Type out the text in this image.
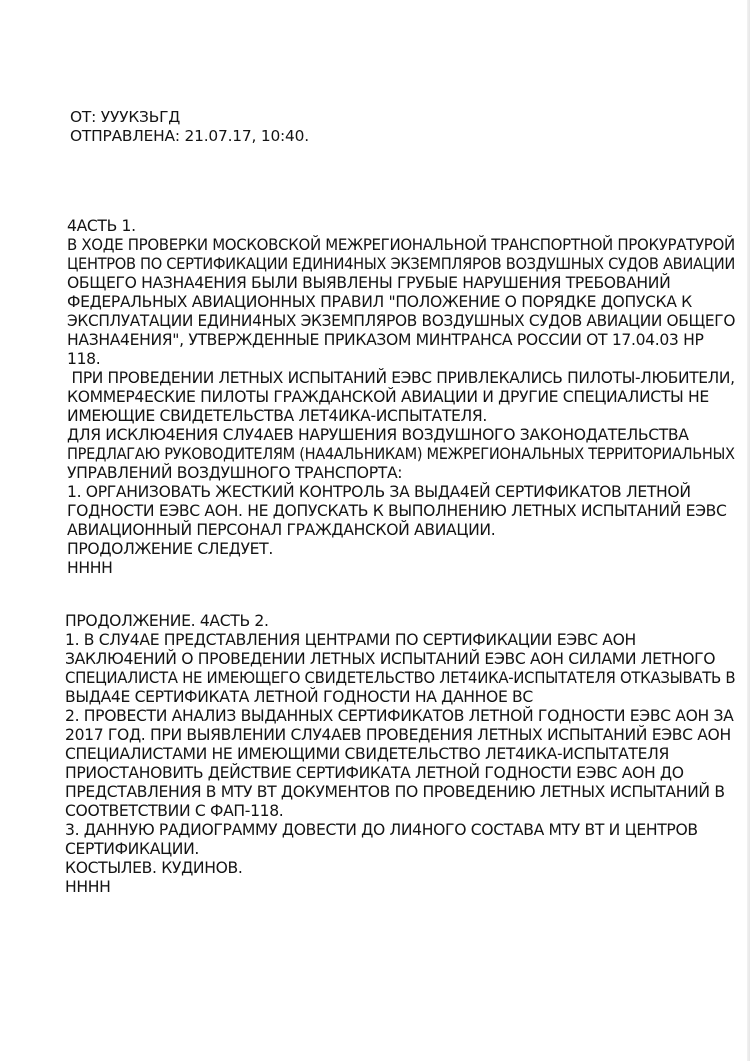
ОТ: УУУКЗЬГД
ОТПРАВЛЕНА: 21.07.17, 10:40.
4АСТЬ 1.
В ХОДЕ ПРОВЕРКИ МОСКОВСКОЙ МЕЖРЕГИОНАЛЬНОЙ ТРАНСПОРТНОЙ ПРОКУРАТУРОЙ
ЦЕНТРОВ ПО СЕРТИФИКАЦИИ ЕДИНИ4НЫХ ЭКЗЕМПЛЯРОВ ВОЗДУШНЫХ СУДОВ АВИАЦИИ
ОБЩЕГО НАЗНА4ЕНИЯ БЫЛИ ВЫЯВЛЕНЫ ГРУБЫЕ НАРУШЕНИЯ ТРЕБОВАНИЙ
ФЕДЕРАЛЬНЫХ АВИАЦИОННЫХ ПРАВИЛ "ПОЛОЖЕНИЕ О ПОРЯДКЕ ДОПУСКА К
ЭКСПЛУАТАЦИИ ЕДИНИ4НЫХ ЭКЗЕМПЛЯРОВ ВОЗДУШНЫХ СУДОВ АВИАЦИИ ОБЩЕГО
НАЗНА4ЕНИЯ", УТВЕРЖДЕННЫЕ ПРИКАЗОМ МИНТРАНСА РОССИИ ОТ 17.04.03 НР
118.
ПРИ ПРОВЕДЕНИИ ЛЕТНЫХ ИСПЫТАНИЙ ЕЭВС ПРИВЛЕКАЛИСЬ ПИЛОТЫ-ЛЮБИТЕЛИ,
КОММЕР4ЕСКИЕ ПИЛОТЫ ГРАЖДАНСКОЙ АВИАЦИИ И ДРУГИЕ СПЕЦИАЛИСТЫ НЕ
ИМЕЮЩИЕ СВИДЕТЕЛЬСТВА ЛЕТ4ИКА-ИСПЫТАТЕЛЯ.
ДЛЯ ИСКЛЮ4ЕНИЯ СЛУ4АЕВ НАРУШЕНИЯ ВОЗДУШНОГО ЗАКОНОДАТЕЛЬСТВА
ПРЕДЛАГАЮ РУКОВОДИТЕЛЯМ (НА4АЛЬНИКАМ) МЕЖРЕГИОНАЛЬНЫХ ТЕРРИТОРИАЛЬНЫХ
УПРАВЛЕНИЙ ВОЗДУШНОГО ТРАНСПОРТА:
1. ОРГАНИЗОВАТЬ ЖЕСТКИЙ КОНТРОЛЬ ЗА ВЫДА4ЕЙ СЕРТИФИКАТОВ ЛЕТНОЙ
ГОДНОСТИ ЕЭВС АОН. НЕ ДОПУСКАТЬ К ВЫПОЛНЕНИЮ ЛЕТНЫХ ИСПЫТАНИЙ ЕЭВС
АВИАЦИОННЫЙ ПЕРСОНАЛ ГРАЖДАНСКОЙ АВИАЦИИ.
ПРОДОЛЖЕНИЕ СЛЕДУЕТ.
НННН
ПРОДОЛЖЕНИЕ. 4АСТЬ 2.
1. В СЛУ4АЕ ПРЕДСТАВЛЕНИЯ ЦЕНТРАМИ ПО СЕРТИФИКАЦИИ ЕЭВС АОН
ЗАКЛЮ4ЕНИЙ О ПРОВЕДЕНИИ ЛЕТНЫХ ИСПЫТАНИЙ ЕЭВС АОН СИЛАМИ ЛЕТНОГО
СПЕЦИАЛИСТА НЕ ИМЕЮЩЕГО СВИДЕТЕЛЬСТВО ЛЕТ4ИКА-ИСПЫТАТЕЛЯ ОТКАЗЫВАТЬ В
ВЫДА4Е СЕРТИФИКАТА ЛЕТНОЙ ГОДНОСТИ НА ДАННОЕ ВС
2. ПРОВЕСТИ АНАЛИЗ ВЫДАННЫХ СЕРТИФИКАТОВ ЛЕТНОЙ ГОДНОСТИ ЕЭВС АОН ЗА
2017 ГОД. ПРИ ВЫЯВЛЕНИИ СЛУ4АЕВ ПРОВЕДЕНИЯ ЛЕТНЫХ ИСПЫТАНИЙ ЕЭВС АОН
СПЕЦИАЛИСТАМИ НЕ ИМЕЮЩИМИ СВИДЕТЕЛЬСТВО ЛЕТ4ИКА-ИСПЫТАТЕЛЯ
ПРИОСТАНОВИТЬ ДЕЙСТВИЕ СЕРТИФИКАТА ЛЕТНОЙ ГОДНОСТИ ЕЭВС АОН ДО
ПРЕДСТАВЛЕНИЯ В МТУ ВТ ДОКУМЕНТОВ ПО ПРОВЕДЕНИЮ ЛЕТНЫХ ИСПЫТАНИЙ В
СООТВЕТСТВИИ С ФАП-118.
3. ДАННУЮ РАДИОГРАММУ ДОВЕСТИ ДО ЛИ4НОГО СОСТАВА МТУ ВТ И ЦЕНТРОВ
СЕРТИФИКАЦИИ.
КОСТЫЛЕВ. КУДИНОВ.
НННН
